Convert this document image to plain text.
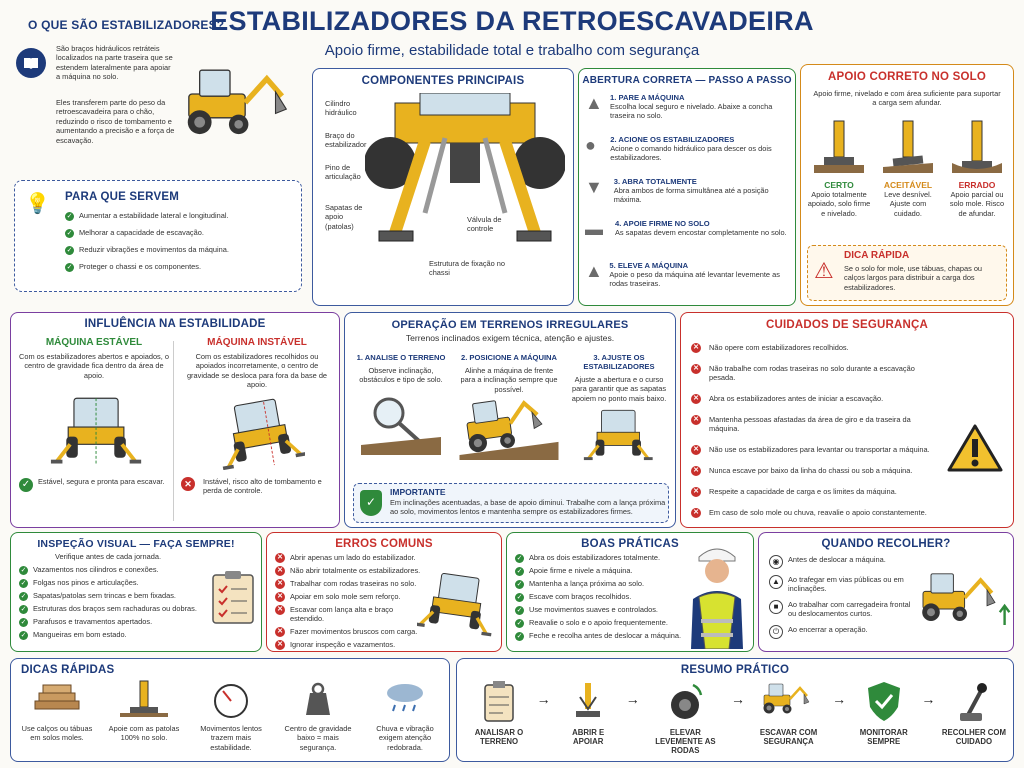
ESTABILIZADORES DA RETROESCAVADEIRA
Apoio firme, estabilidade total e trabalho com segurança
O QUE SÃO ESTABILIZADORES?
São braços hidráulicos retráteis localizados na parte traseira que se estendem lateralmente para apoiar a máquina no solo.
Eles transferem parte do peso da retroescavadeira para o chão, reduzindo o risco de tombamento e aumentando a precisão e a força de escavação.
💡 PARA QUE SERVEM
✓ Aumentar a estabilidade lateral e longitudinal.
✓ Melhorar a capacidade de escavação.
✓ Reduzir vibrações e movimentos da máquina.
✓ Proteger o chassi e os componentes.
COMPONENTES PRINCIPAIS
Cilindro hidráulico
Braço do estabilizador
Pino de articulação
Sapatas de apoio (patolas)
Válvula de controle
Estrutura de fixação no chassi
ABERTURA CORRETA — PASSO A PASSO
▲ 1. PARE A MÁQUINA
Escolha local seguro e nivelado. Abaixe a concha traseira no solo.
●	2. ACIONE OS ESTABILIZADORES
Acione o comando hidráulico para descer os dois estabilizadores.
▼	3. ABRA TOTALMENTE
Abra ambos de forma simultânea até a posição máxima.
▬	4. APOIE FIRME NO SOLO
As sapatas devem encostar completamente no solo.
▲ 5. ELEVE A MÁQUINA
Apoie o peso da máquina até levantar levemente as rodas traseiras.
APOIO CORRETO NO SOLO
Apoio firme, nivelado e com área suficiente para suportar a carga sem afundar.
CERTO
Apoio totalmente apoiado, solo firme e nivelado.
ACEITÁVEL
Leve desnível. Ajuste com cuidado.
ERRADO
Apoio parcial ou solo mole. Risco de afundar.
⚠
DICA RÁPIDA
Se o solo for mole, use tábuas, chapas ou calços largos para distribuir a carga dos estabilizadores.
INFLUÊNCIA NA ESTABILIDADE
MÁQUINA ESTÁVEL
Com os estabilizadores abertos e apoiados, o centro de gravidade fica dentro da área de apoio.
✓	Estável, segura e pronta para escavar.
MÁQUINA INSTÁVEL
Com os estabilizadores recolhidos ou apoiados incorretamente, o centro de gravidade se desloca para fora da base de apoio.
✕	Instável, risco alto de tombamento e perda de controle.
OPERAÇÃO EM TERRENOS IRREGULARES
Terrenos inclinados exigem técnica, atenção e ajustes.
1. ANALISE O TERRENO
Observe inclinação, obstáculos e tipo de solo.
2. POSICIONE A MÁQUINA
Alinhe a máquina de frente para a inclinação sempre que possível.
3. AJUSTE OS ESTABILIZADORES
Ajuste a abertura e o curso para garantir que as sapatas apoiem no ponto mais baixo.
✓
IMPORTANTE
Em inclinações acentuadas, a base de apoio diminui. Trabalhe com a lança próxima ao solo, movimentos lentos e mantenha sempre os estabilizadores firmes.
CUIDADOS DE SEGURANÇA
✕ Não opere com estabilizadores recolhidos.
✕ Não trabalhe com rodas traseiras no solo durante a escavação pesada.
✕ Abra os estabilizadores antes de iniciar a escavação.
✕ Mantenha pessoas afastadas da área de giro e da traseira da máquina.
✕ Não use os estabilizadores para levantar ou transportar a máquina.
✕ Nunca escave por baixo da linha do chassi ou sob a máquina.
✕ Respeite a capacidade de carga e os limites da máquina.
✕ Em caso de solo mole ou chuva, reavalie o apoio constantemente.
INSPEÇÃO VISUAL — FAÇA SEMPRE!
Verifique antes de cada jornada.
✓ Vazamentos nos cilindros e conexões.
✓ Folgas nos pinos e articulações.
✓ Sapatas/patolas sem trincas e bem fixadas.
✓ Estruturas dos braços sem rachaduras ou dobras.
✓ Parafusos e travamentos apertados.
✓ Mangueiras em bom estado.
ERROS COMUNS
✕ Abrir apenas um lado do estabilizador.
✕ Não abrir totalmente os estabilizadores.
✕ Trabalhar com rodas traseiras no solo.
✕ Apoiar em solo mole sem reforço.
✕ Escavar com lança alta e braço estendido.
✕ Fazer movimentos bruscos com carga.
✕ Ignorar inspeção e vazamentos.
BOAS PRÁTICAS
✓ Abra os dois estabilizadores totalmente.
✓ Apoie firme e nivele a máquina.
✓ Mantenha a lança próxima ao solo.
✓ Escave com braços recolhidos.
✓ Use movimentos suaves e controlados.
✓ Reavalie o solo e o apoio frequentemente.
✓ Feche e recolha antes de deslocar a máquina.
QUANDO RECOLHER?
◉	Antes de deslocar a máquina.
▲	Ao trafegar em vias públicas ou em inclinações.
■	Ao trabalhar com carregadeira frontal ou deslocamentos curtos.
⏻	Ao encerrar a operação.
DICAS RÁPIDAS
Use calços ou tábuas em solos moles.
Apoie com as patolas 100% no solo.
Movimentos lentos trazem mais estabilidade.
Centro de gravidade baixo = mais segurança.
Chuva e vibração exigem atenção redobrada.
RESUMO PRÁTICO
ANALISAR O TERRENO
→
ABRIR E APOIAR
→
ELEVAR LEVEMENTE AS RODAS
→
ESCAVAR COM SEGURANÇA
→
MONITORAR SEMPRE
→
RECOLHER COM CUIDADO
